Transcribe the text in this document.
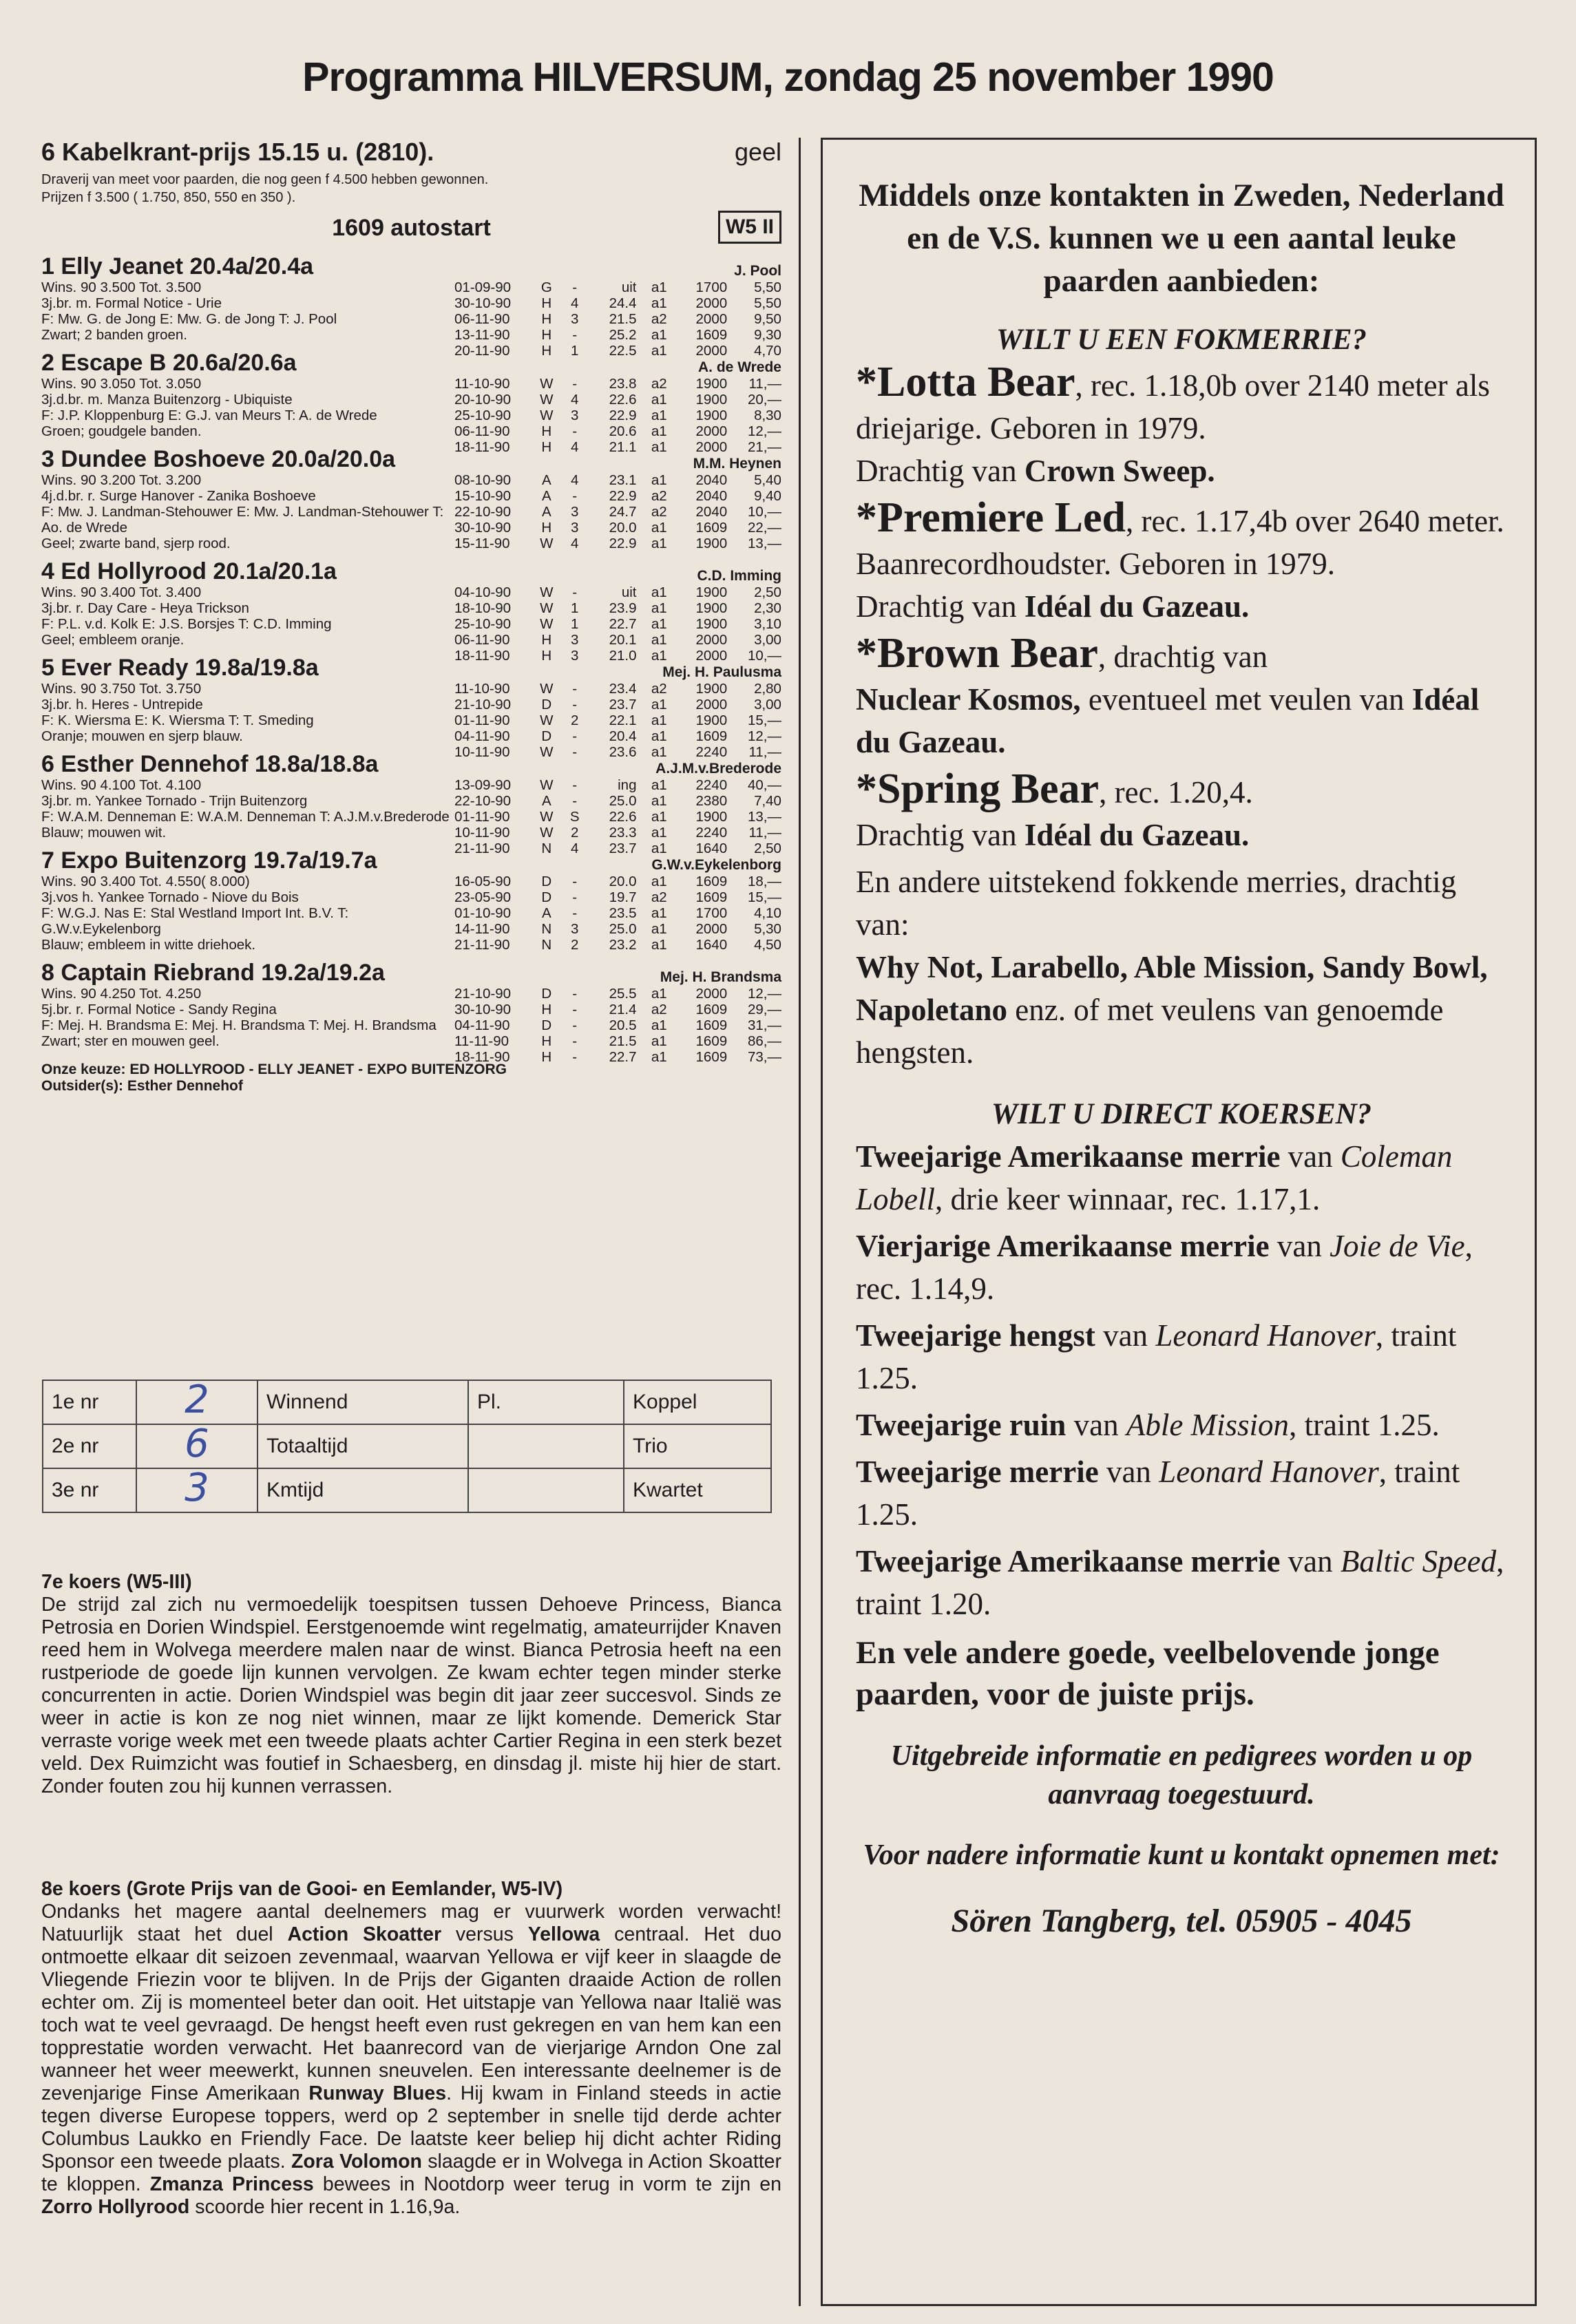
Programma HILVERSUM, zondag 25 november 1990
6 Kabelkrant-prijs 15.15 u. (2810).	geel
Draverij van meet voor paarden, die nog geen f 4.500 hebben gewonnen.
Prijzen f 3.500 ( 1.750, 850, 550 en 350 ).
1609 autostart	W5 II
1 Elly Jeanet 20.4a/20.4a	J. Pool
Wins. 90 3.500 Tot. 3.500
3j.br. m. Formal Notice - Urie
F: Mw. G. de Jong E: Mw. G. de Jong T: J. Pool
Zwart; 2 banden groen.
01-09-90	G	-	uit	a1	1700	5,50
30-10-90	H	4	24.4	a1	2000	5,50
06-11-90	H	3	21.5	a2	2000	9,50
13-11-90	H	-	25.2	a1	1609	9,30
20-11-90	H	1	22.5	a1	2000	4,70
2 Escape B 20.6a/20.6a	A. de Wrede
Wins. 90 3.050 Tot. 3.050
3j.d.br. m. Manza Buitenzorg - Ubiquiste
F: J.P. Kloppenburg E: G.J. van Meurs T: A. de Wrede
Groen; goudgele banden.
11-10-90	W	-	23.8	a2	1900	11,—
20-10-90	W	4	22.6	a1	1900	20,—
25-10-90	W	3	22.9	a1	1900	8,30
06-11-90	H	-	20.6	a1	2000	12,—
18-11-90	H	4	21.1	a1	2000	21,—
3 Dundee Boshoeve 20.0a/20.0a	M.M. Heynen
Wins. 90 3.200 Tot. 3.200
4j.d.br. r. Surge Hanover - Zanika Boshoeve
F: Mw. J. Landman-Stehouwer E: Mw. J. Landman-Stehouwer T: Ao. de Wrede
Geel; zwarte band, sjerp rood.
08-10-90	A	4	23.1	a1	2040	5,40
15-10-90	A	-	22.9	a2	2040	9,40
22-10-90	A	3	24.7	a2	2040	10,—
30-10-90	H	3	20.0	a1	1609	22,—
15-11-90	W	4	22.9	a1	1900	13,—
4 Ed Hollyrood 20.1a/20.1a	C.D. Imming
Wins. 90 3.400 Tot. 3.400
3j.br. r. Day Care - Heya Trickson
F: P.L. v.d. Kolk E: J.S. Borsjes T: C.D. Imming
Geel; embleem oranje.
04-10-90	W	-	uit	a1	1900	2,50
18-10-90	W	1	23.9	a1	1900	2,30
25-10-90	W	1	22.7	a1	1900	3,10
06-11-90	H	3	20.1	a1	2000	3,00
18-11-90	H	3	21.0	a1	2000	10,—
5 Ever Ready 19.8a/19.8a	Mej. H. Paulusma
Wins. 90 3.750 Tot. 3.750
3j.br. h. Heres - Untrepide
F: K. Wiersma E: K. Wiersma T: T. Smeding
Oranje; mouwen en sjerp blauw.
11-10-90	W	-	23.4	a2	1900	2,80
21-10-90	D	-	23.7	a1	2000	3,00
01-11-90	W	2	22.1	a1	1900	15,—
04-11-90	D	-	20.4	a1	1609	12,—
10-11-90	W	-	23.6	a1	2240	11,—
6 Esther Dennehof 18.8a/18.8a	A.J.M.v.Brederode
Wins. 90 4.100 Tot. 4.100
3j.br. m. Yankee Tornado - Trijn Buitenzorg
F: W.A.M. Denneman E: W.A.M. Denneman T: A.J.M.v.Brederode
Blauw; mouwen wit.
13-09-90	W	-	ing	a1	2240	40,—
22-10-90	A	-	25.0	a1	2380	7,40
01-11-90	W	S	22.6	a1	1900	13,—
10-11-90	W	2	23.3	a1	2240	11,—
21-11-90	N	4	23.7	a1	1640	2,50
7 Expo Buitenzorg 19.7a/19.7a	G.W.v.Eykelenborg
Wins. 90 3.400 Tot. 4.550( 8.000)
3j.vos h. Yankee Tornado - Niove du Bois
F: W.G.J. Nas E: Stal Westland Import Int. B.V. T: G.W.v.Eykelenborg
Blauw; embleem in witte driehoek.
16-05-90	D	-	20.0	a1	1609	18,—
23-05-90	D	-	19.7	a2	1609	15,—
01-10-90	A	-	23.5	a1	1700	4,10
14-11-90	N	3	25.0	a1	2000	5,30
21-11-90	N	2	23.2	a1	1640	4,50
8 Captain Riebrand 19.2a/19.2a	Mej. H. Brandsma
Wins. 90 4.250 Tot. 4.250
5j.br. r. Formal Notice - Sandy Regina
F: Mej. H. Brandsma E: Mej. H. Brandsma T: Mej. H. Brandsma
Zwart; ster en mouwen geel.
21-10-90	D	-	25.5	a1	2000	12,—
30-10-90	H	-	21.4	a2	1609	29,—
04-11-90	D	-	20.5	a1	1609	31,—
11-11-90	H	-	21.5	a1	1609	86,—
18-11-90	H	-	22.7	a1	1609	73,—
Onze keuze: ED HOLLYROOD - ELLY JEANET - EXPO BUITENZORG
Outsider(s): Esther Dennehof
1e nr	2	Winnend	Pl.	Koppel
2e nr	6	Totaaltijd		Trio
3e nr	3	Kmtijd		Kwartet
7e koers (W5-III)

De strijd zal zich nu vermoedelijk toespitsen tussen Dehoeve Princess, Bianca Petrosia en Dorien Windspiel. Eerstgenoemde wint regelmatig, amateurrijder Knaven reed hem in Wolvega meerdere malen naar de winst. Bianca Petrosia heeft na een rustperiode de goede lijn kunnen vervolgen. Ze kwam echter tegen minder sterke concurrenten in actie. Dorien Windspiel was begin dit jaar zeer succesvol. Sinds ze weer in actie is kon ze nog niet winnen, maar ze lijkt komende. Demerick Star verraste vorige week met een tweede plaats achter Cartier Regina in een sterk bezet veld. Dex Ruimzicht was foutief in Schaesberg, en dinsdag jl. miste hij hier de start. Zonder fouten zou hij kunnen verrassen.

8e koers (Grote Prijs van de Gooi- en Eemlander, W5-IV)

Ondanks het magere aantal deelnemers mag er vuurwerk worden verwacht! Natuurlijk staat het duel Action Skoatter versus Yellowa centraal. Het duo ontmoette elkaar dit seizoen zevenmaal, waarvan Yellowa er vijf keer in slaagde de Vliegende Friezin voor te blijven. In de Prijs der Giganten draaide Action de rollen echter om. Zij is momenteel beter dan ooit. Het uitstapje van Yellowa naar Italië was toch wat te veel gevraagd. De hengst heeft even rust gekregen en van hem kan een topprestatie worden verwacht. Het baanrecord van de vierjarige Arndon One zal wanneer het weer meewerkt, kunnen sneuvelen. Een interessante deelnemer is de zevenjarige Finse Amerikaan Runway Blues. Hij kwam in Finland steeds in actie tegen diverse Europese toppers, werd op 2 september in snelle tijd derde achter Columbus Laukko en Friendly Face. De laatste keer beliep hij dicht achter Riding Sponsor een tweede plaats. Zora Volomon slaagde er in Wolvega in Action Skoatter te kloppen. Zmanza Princess bewees in Nootdorp weer terug in vorm te zijn en Zorro Hollyrood scoorde hier recent in 1.16,9a.

Middels onze kontakten in Zweden, Nederland en de V.S. kunnen we u een aantal leuke paarden aanbieden:
WILT U EEN FOKMERRIE?
*Lotta Bear, rec. 1.18,0b over 2140 meter als driejarige. Geboren in 1979.
Drachtig van Crown Sweep.
*Premiere Led, rec. 1.17,4b over 2640 meter. Baanrecordhoudster. Geboren in 1979.
Drachtig van Idéal du Gazeau.
*Brown Bear, drachtig van
Nuclear Kosmos, eventueel met veulen van Idéal du Gazeau.
*Spring Bear, rec. 1.20,4.
Drachtig van Idéal du Gazeau.
En andere uitstekend fokkende merries, drachtig van:
Why Not, Larabello, Able Mission, Sandy Bowl, Napoletano enz. of met veulens van genoemde hengsten.
WILT U DIRECT KOERSEN?
Tweejarige Amerikaanse merrie van Coleman Lobell, drie keer winnaar, rec. 1.17,1.
Vierjarige Amerikaanse merrie van Joie de Vie, rec. 1.14,9.
Tweejarige hengst van Leonard Hanover, traint 1.25.
Tweejarige ruin van Able Mission, traint 1.25.
Tweejarige merrie van Leonard Hanover, traint 1.25.
Tweejarige Amerikaanse merrie van Baltic Speed, traint 1.20.
En vele andere goede, veelbelovende jonge paarden, voor de juiste prijs.
Uitgebreide informatie en pedigrees worden u op aanvraag toegestuurd.
Voor nadere informatie kunt u kontakt opnemen met:
Sören Tangberg, tel. 05905 - 4045
